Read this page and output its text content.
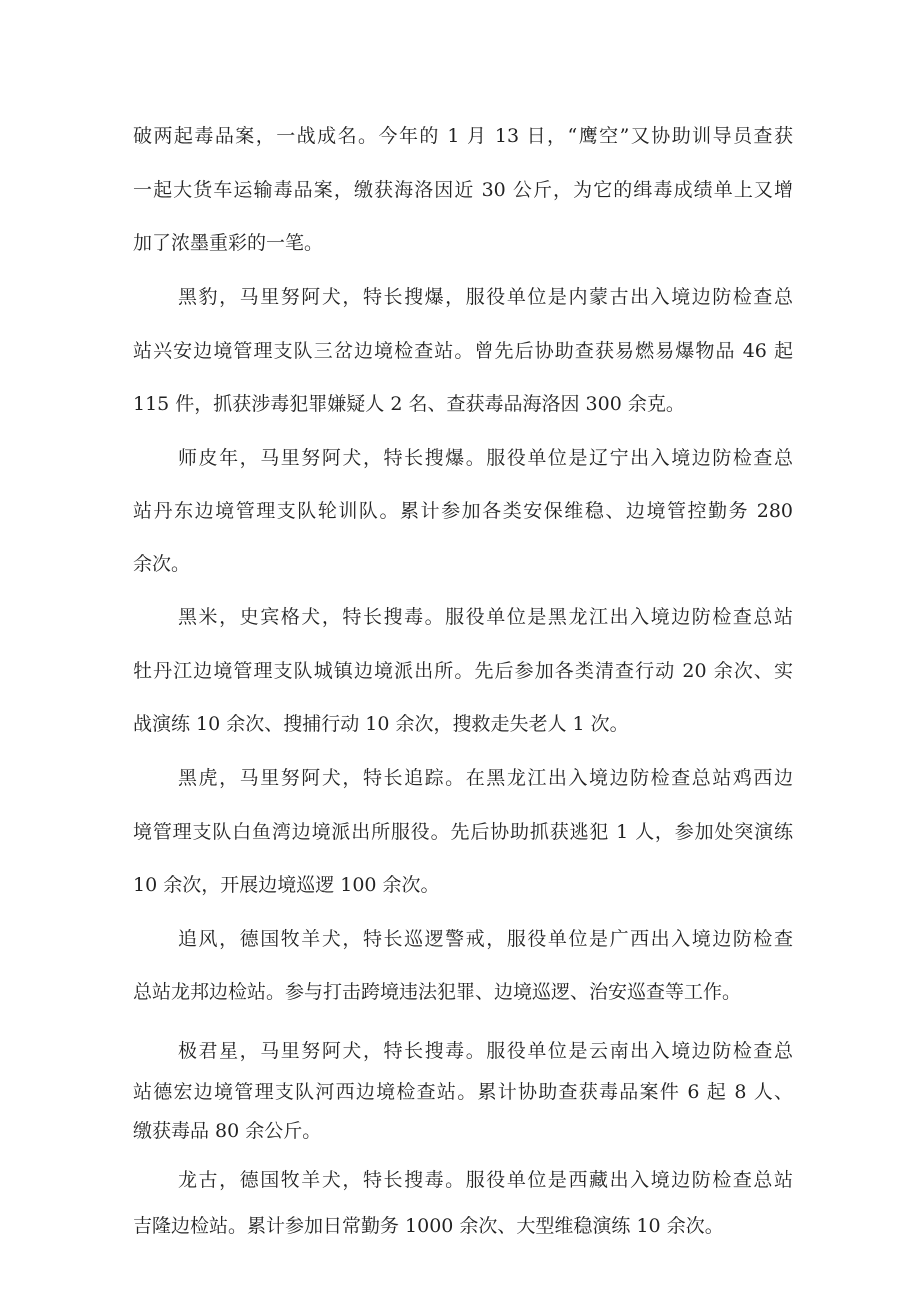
破两起毒品案，一战成名。今年的 1 月 13 日，“鹰空”又协助训导员查获
一起大货车运输毒品案，缴获海洛因近 30 公斤，为它的缉毒成绩单上又增
加了浓墨重彩的一笔。
黑豹，马里努阿犬，特长搜爆，服役单位是内蒙古出入境边防检查总
站兴安边境管理支队三岔边境检查站。曾先后协助查获易燃易爆物品 46 起
115 件，抓获涉毒犯罪嫌疑人 2 名、查获毒品海洛因 300 余克。
师皮年，马里努阿犬，特长搜爆。服役单位是辽宁出入境边防检查总
站丹东边境管理支队轮训队。累计参加各类安保维稳、边境管控勤务 280
余次。
黑米，史宾格犬，特长搜毒。服役单位是黑龙江出入境边防检查总站
牡丹江边境管理支队城镇边境派出所。先后参加各类清查行动 20 余次、实
战演练 10 余次、搜捕行动 10 余次，搜救走失老人 1 次。
黑虎，马里努阿犬，特长追踪。在黑龙江出入境边防检查总站鸡西边
境管理支队白鱼湾边境派出所服役。先后协助抓获逃犯 1 人，参加处突演练
10 余次，开展边境巡逻 100 余次。
追风，德国牧羊犬，特长巡逻警戒，服役单位是广西出入境边防检查
总站龙邦边检站。参与打击跨境违法犯罪、边境巡逻、治安巡查等工作。
极君星，马里努阿犬，特长搜毒。服役单位是云南出入境边防检查总
站德宏边境管理支队河西边境检查站。累计协助查获毒品案件 6 起 8 人、
缴获毒品 80 余公斤。
龙古，德国牧羊犬，特长搜毒。服役单位是西藏出入境边防检查总站
吉隆边检站。累计参加日常勤务 1000 余次、大型维稳演练 10 余次。
